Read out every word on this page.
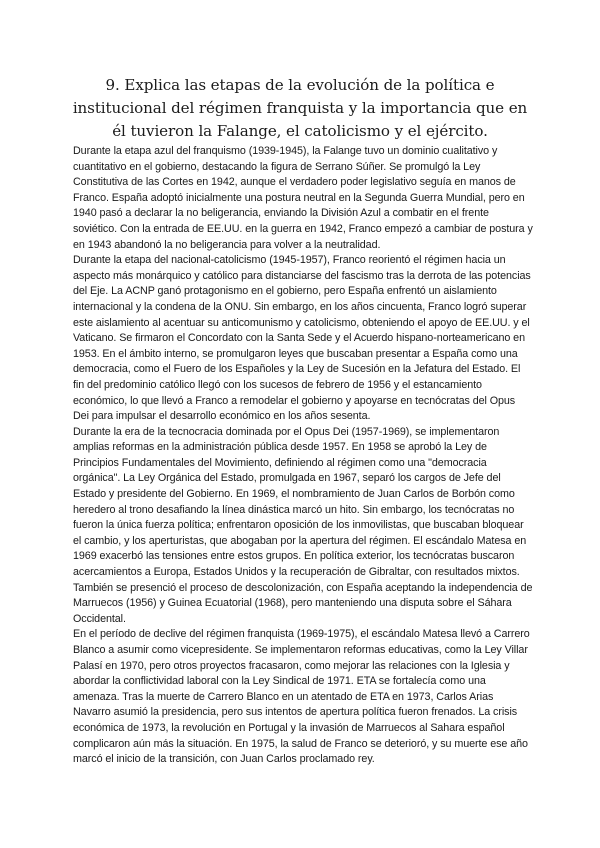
9. Explica las etapas de la evolución de la política e institucional del régimen franquista y la importancia que en él tuvieron la Falange, el catolicismo y el ejército.

Durante la etapa azul del franquismo (1939-1945), la Falange tuvo un dominio cualitativo y cuantitativo en el gobierno, destacando la figura de Serrano Súñer. Se promulgó la Ley Constitutiva de las Cortes en 1942, aunque el verdadero poder legislativo seguía en manos de Franco. España adoptó inicialmente una postura neutral en la Segunda Guerra Mundial, pero en 1940 pasó a declarar la no beligerancia, enviando la División Azul a combatir en el frente soviético. Con la entrada de EE.UU. en la guerra en 1942, Franco empezó a cambiar de postura y en 1943 abandonó la no beligerancia para volver a la neutralidad.

Durante la etapa del nacional-catolicismo (1945-1957), Franco reorientó el régimen hacia un aspecto más monárquico y católico para distanciarse del fascismo tras la derrota de las potencias del Eje. La ACNP ganó protagonismo en el gobierno, pero España enfrentó un aislamiento internacional y la condena de la ONU. Sin embargo, en los años cincuenta, Franco logró superar este aislamiento al acentuar su anticomunismo y catolicismo, obteniendo el apoyo de EE.UU. y el Vaticano. Se firmaron el Concordato con la Santa Sede y el Acuerdo hispano-norteamericano en 1953. En el ámbito interno, se promulgaron leyes que buscaban presentar a España como una democracia, como el Fuero de los Españoles y la Ley de Sucesión en la Jefatura del Estado. El fin del predominio católico llegó con los sucesos de febrero de 1956 y el estancamiento económico, lo que llevó a Franco a remodelar el gobierno y apoyarse en tecnócratas del Opus Dei para impulsar el desarrollo económico en los años sesenta.

Durante la era de la tecnocracia dominada por el Opus Dei (1957-1969), se implementaron amplias reformas en la administración pública desde 1957. En 1958 se aprobó la Ley de Principios Fundamentales del Movimiento, definiendo al régimen como una "democracia orgánica". La Ley Orgánica del Estado, promulgada en 1967, separó los cargos de Jefe del Estado y presidente del Gobierno. En 1969, el nombramiento de Juan Carlos de Borbón como heredero al trono desafiando la línea dinástica marcó un hito. Sin embargo, los tecnócratas no fueron la única fuerza política; enfrentaron oposición de los inmovilistas, que buscaban bloquear el cambio, y los aperturistas, que abogaban por la apertura del régimen. El escándalo Matesa en 1969 exacerbó las tensiones entre estos grupos. En política exterior, los tecnócratas buscaron acercamientos a Europa, Estados Unidos y la recuperación de Gibraltar, con resultados mixtos. También se presenció el proceso de descolonización, con España aceptando la independencia de Marruecos (1956) y Guinea Ecuatorial (1968), pero manteniendo una disputa sobre el Sáhara Occidental.

En el período de declive del régimen franquista (1969-1975), el escándalo Matesa llevó a Carrero Blanco a asumir como vicepresidente. Se implementaron reformas educativas, como la Ley Villar Palasí en 1970, pero otros proyectos fracasaron, como mejorar las relaciones con la Iglesia y abordar la conflictividad laboral con la Ley Sindical de 1971. ETA se fortalecía como una amenaza. Tras la muerte de Carrero Blanco en un atentado de ETA en 1973, Carlos Arias Navarro asumió la presidencia, pero sus intentos de apertura política fueron frenados. La crisis económica de 1973, la revolución en Portugal y la invasión de Marruecos al Sahara español complicaron aún más la situación. En 1975, la salud de Franco se deterioró, y su muerte ese año marcó el inicio de la transición, con Juan Carlos proclamado rey.
